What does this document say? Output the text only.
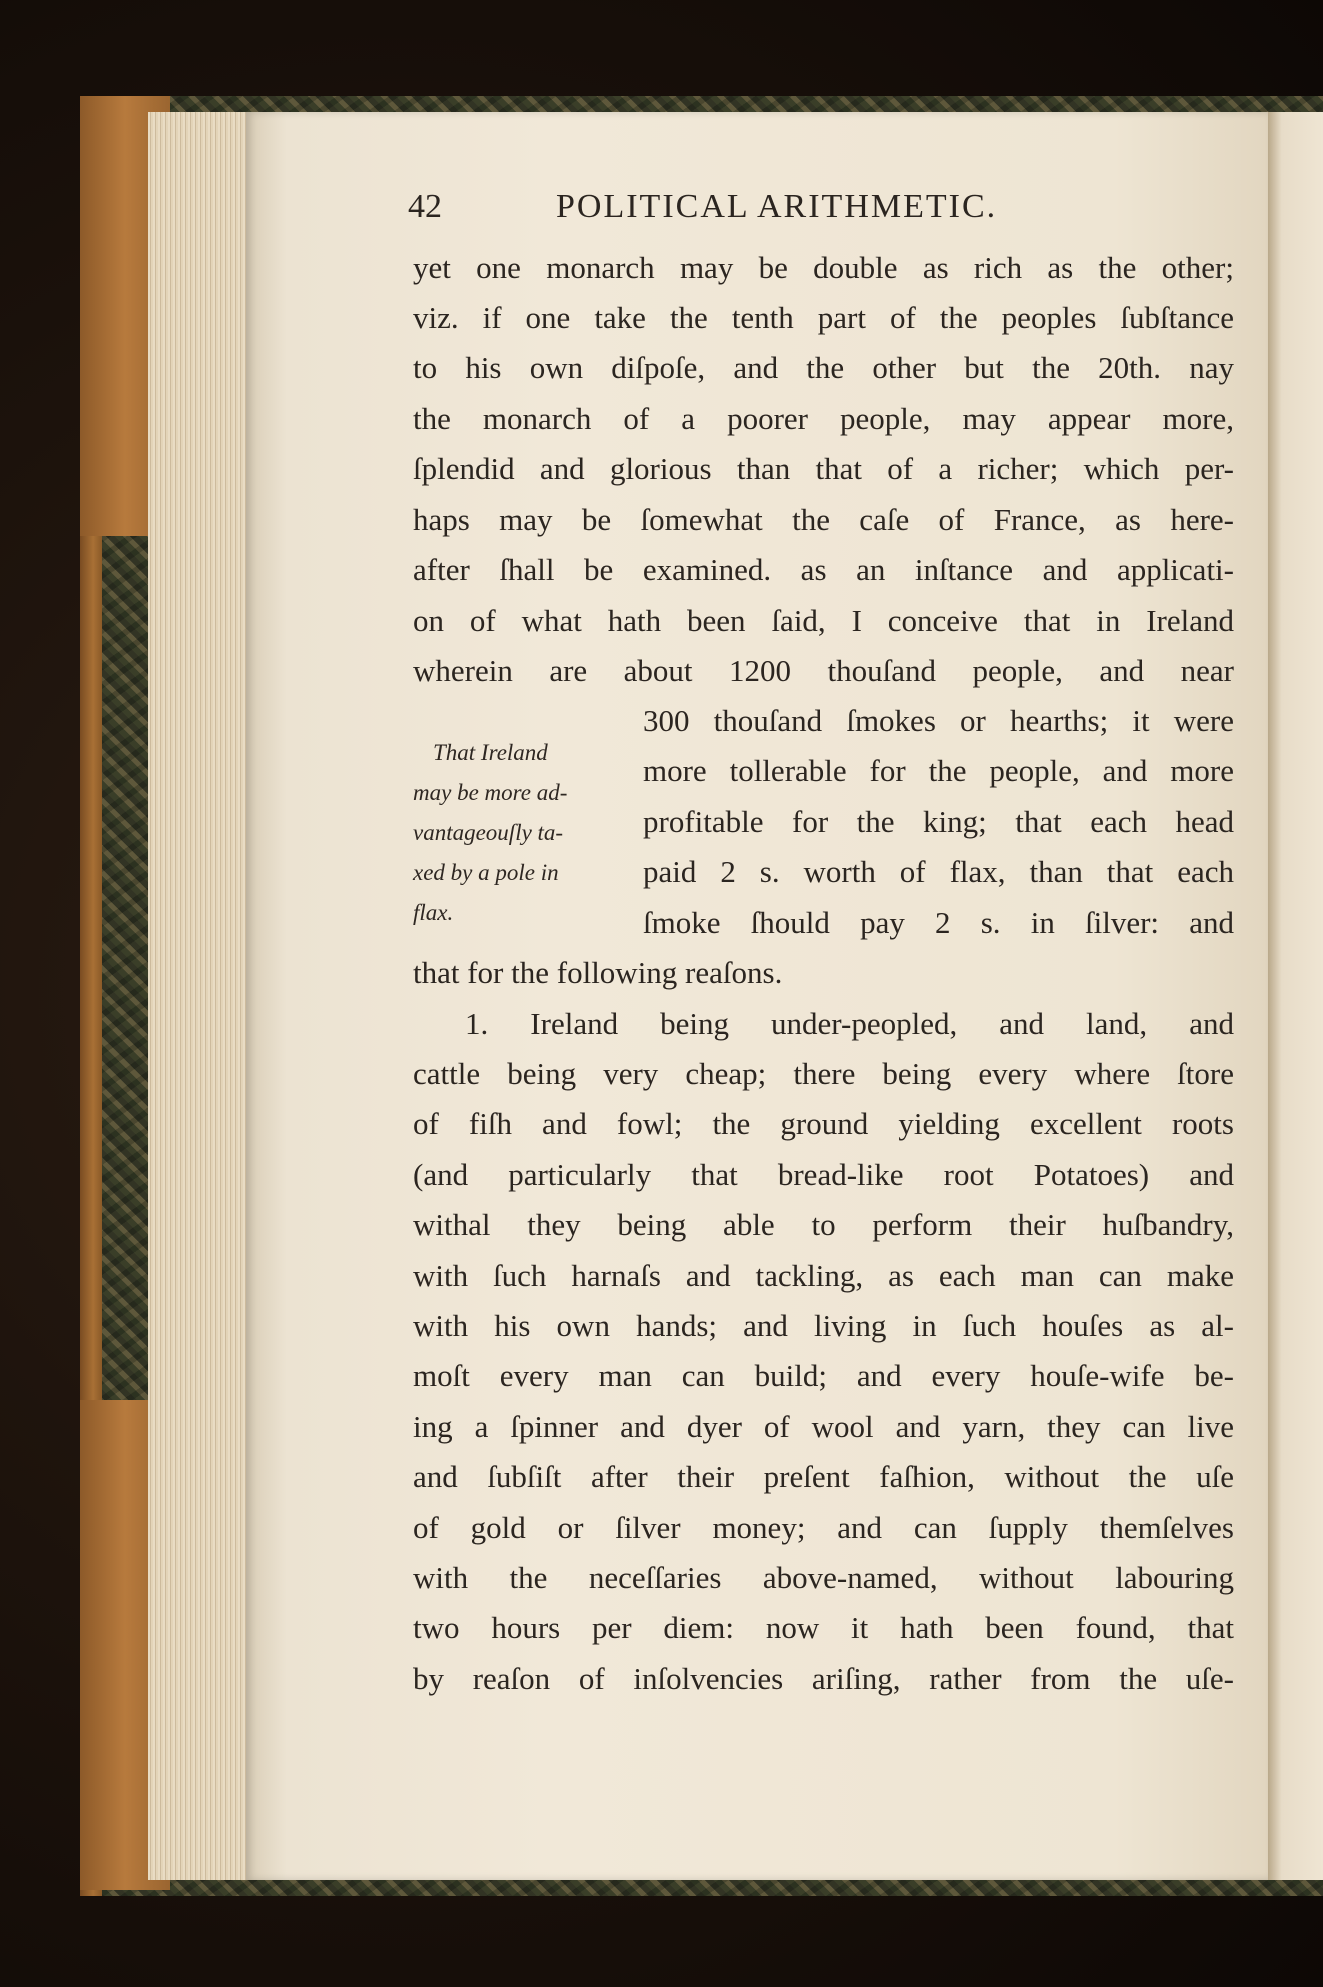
42	POLITICAL ARITHMETIC.
yet one monarch may be double as rich as the other;
viz. if one take the tenth part of the peoples ſubſtance
to his own diſpoſe, and the other but the 20th. nay
the monarch of a poorer people, may appear more,
ſplendid and glorious than that of a richer; which per-
haps may be ſomewhat the caſe of France, as here-
after ſhall be examined. as an inſtance and applicati-
on of what hath been ſaid, I conceive that in Ireland
wherein are about 1200 thouſand people, and near
300 thouſand ſmokes or hearths; it were
more tollerable for the people, and more
profitable for the king; that each head
paid 2 s. worth of flax, than that each
ſmoke ſhould pay 2 s. in ſilver: and
That Ireland
may be more ad-
vantageouſly ta-
xed by a pole in
flax.
that for the following reaſons.
1. Ireland being under-peopled, and land, and
cattle being very cheap; there being every where ſtore
of fiſh and fowl; the ground yielding excellent roots
(and particularly that bread-like root Potatoes) and
withal they being able to perform their huſbandry,
with ſuch harnaſs and tackling, as each man can make
with his own hands; and living in ſuch houſes as al-
moſt every man can build; and every houſe-wife be-
ing a ſpinner and dyer of wool and yarn, they can live
and ſubſiſt after their preſent faſhion, without the uſe
of gold or ſilver money; and can ſupply themſelves
with the neceſſaries above-named, without labouring
two hours per diem: now it hath been found, that
by reaſon of inſolvencies ariſing, rather from the uſe-
